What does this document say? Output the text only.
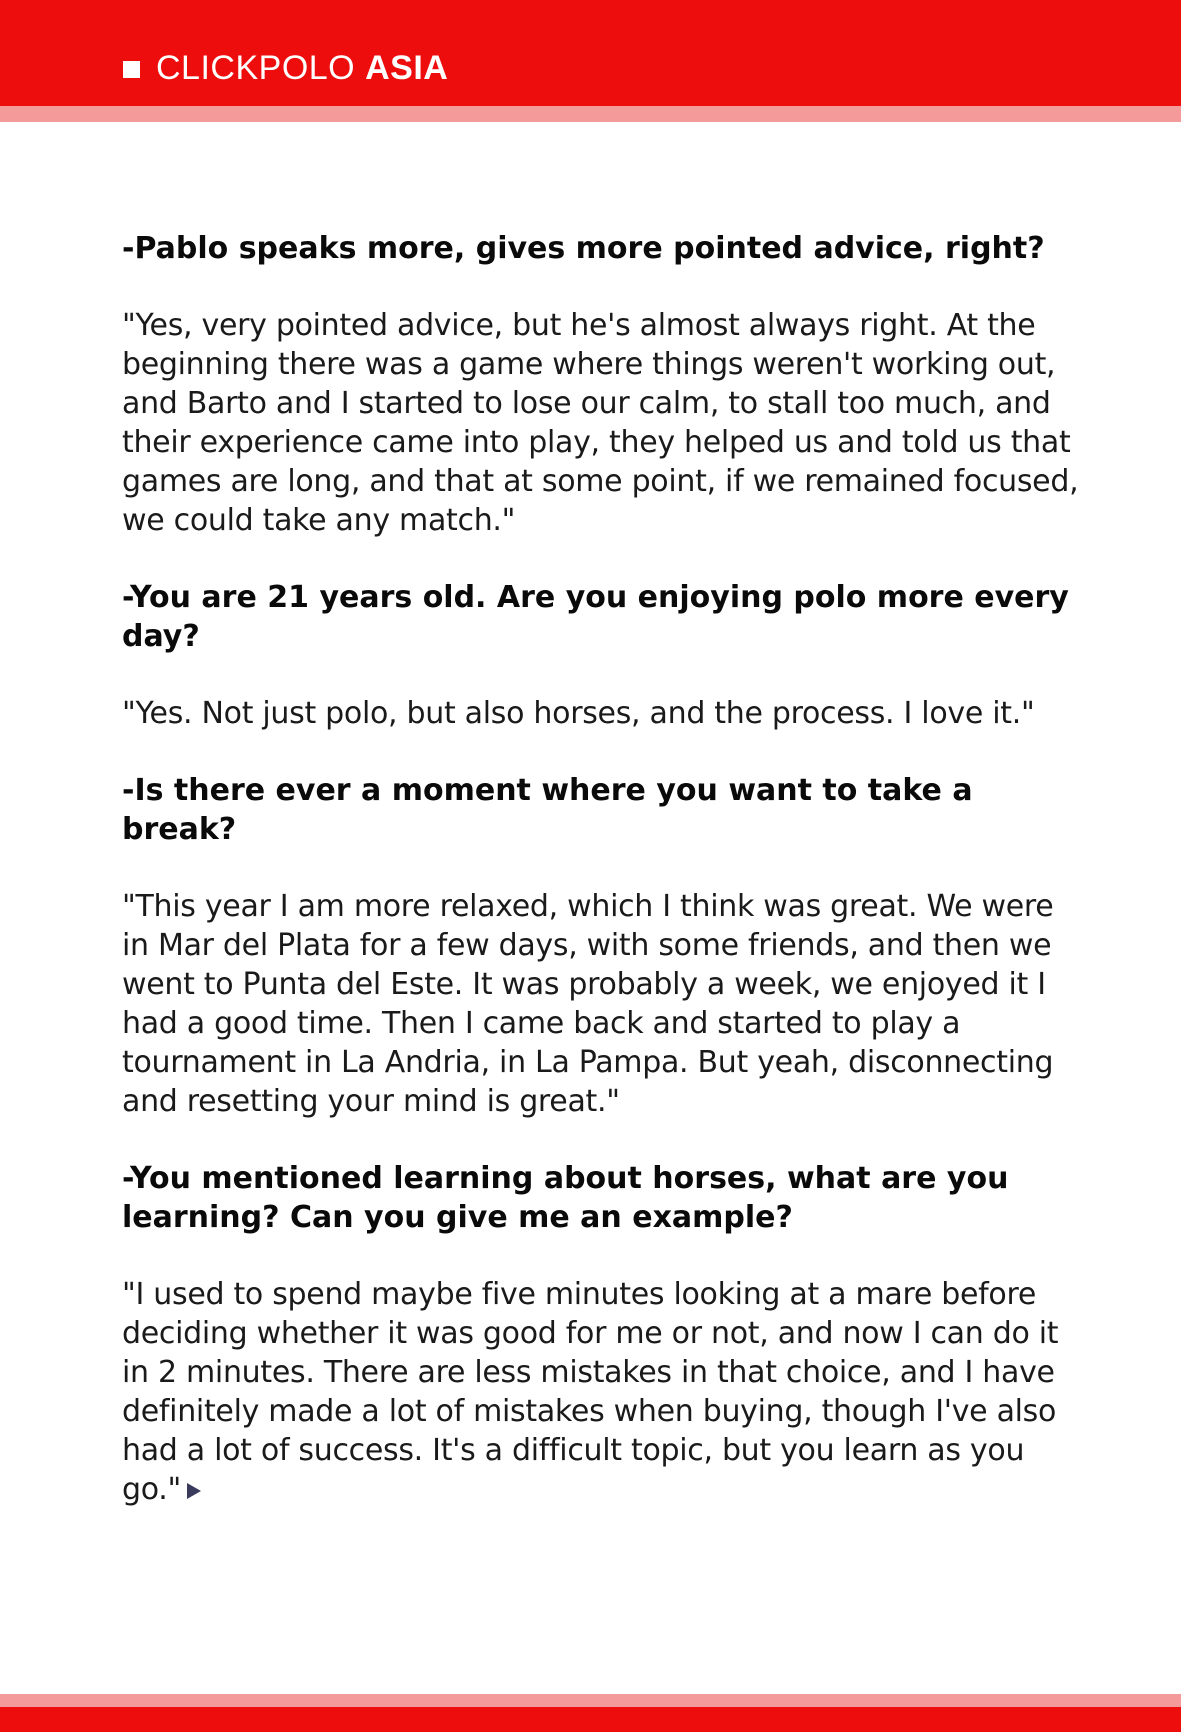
CLICKPOLO ASIA

-Pablo speaks more, gives more pointed advice, right?

"Yes, very pointed advice, but he's almost always right. At the beginning there was a game where things weren't working out, and Barto and I started to lose our calm, to stall too much, and their experience came into play, they helped us and told us that games are long, and that at some point, if we remained focused, we could take any match."

-You are 21 years old. Are you enjoying polo more every day?

"Yes. Not just polo, but also horses, and the process. I love it."

-Is there ever a moment where you want to take a break?

"This year I am more relaxed, which I think was great. We were in Mar del Plata for a few days, with some friends, and then we went to Punta del Este. It was probably a week, we enjoyed it I had a good time. Then I came back and started to play a tournament in La Andria, in La Pampa. But yeah, disconnecting and resetting your mind is great."

-You mentioned learning about horses, what are you learning? Can you give me an example?

"I used to spend maybe five minutes looking at a mare before deciding whether it was good for me or not, and now I can do it in 2 minutes. There are less mistakes in that choice, and I have definitely made a lot of mistakes when buying, though I've also had a lot of success. It's a difficult topic, but you learn as you go."
